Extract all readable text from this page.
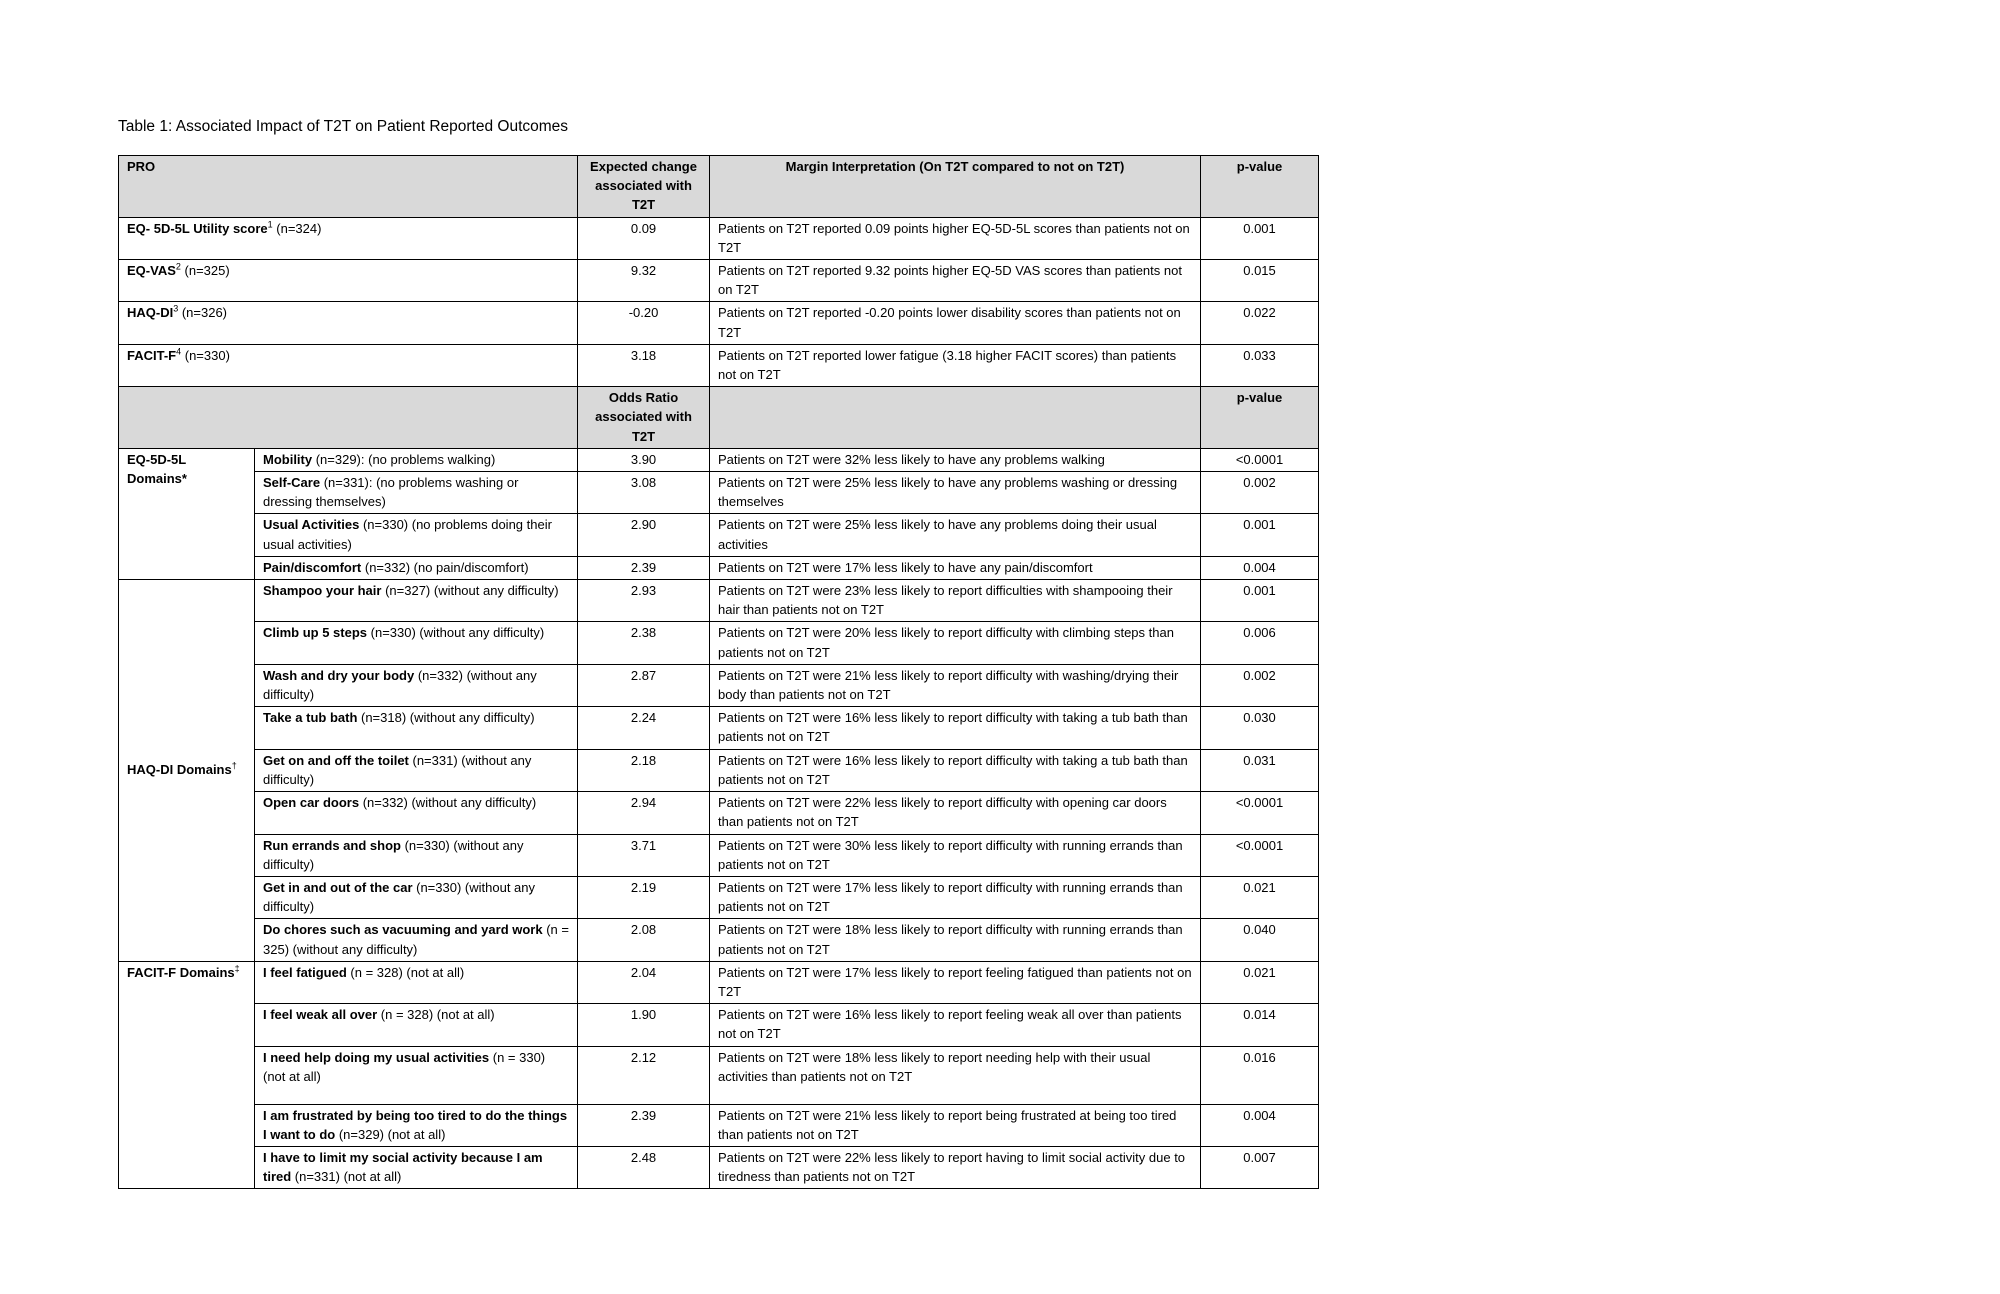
Table 1: Associated Impact of T2T on Patient Reported Outcomes
PRO		Expected change associated with T2T	Margin Interpretation (On T2T compared to not on T2T)	p-value
EQ- 5D-5L Utility score$^1$ (n=324)		0.09	Patients on T2T reported 0.09 points higher EQ-5D-5L scores than patients not on T2T	0.001
EQ-VAS$^2$ (n=325)		9.32	Patients on T2T reported 9.32 points higher EQ-5D VAS scores than patients not on T2T	0.015
HAQ-$DI^3$ (n=326)		-0.20	Patients on T2T reported -0.20 points lower disability scores than patients not on T2T	0.022
FACIT-$F^4$ (n=330)		3.18	Patients on T2T reported lower fatigue (3.18 higher FACIT scores) than patients not on T2T	0.033
		Odds Ratio associated with T2T		p-value
EQ-5D-5L Domains*	Mobility (n=329): (no problems walking)	3.90	Patients on T2T were 32% less likely to have any problems walking	<0.0001
	Self-Care (n=331): (no problems washing or dressing themselves)	3.08	Patients on T2T were 25% less likely to have any problems washing or dressing themselves	0.002
	Usual Activities (n=330) (no problems doing their usual activities)	2.90	Patients on T2T were 25% less likely to have any problems doing their usual activities	0.001
	Pain/discomfort (n=332) (no pain/discomfort)	2.39	Patients on T2T were 17% less likely to have any pain/discomfort	0.004
HAQ-DI Domains†	Shampoo your hair (n=327) (without any difficulty)	2.93	Patients on T2T were 23% less likely to report difficulties with shampooing their hair than patients not on T2T	0.001
	Climb up 5 steps (n=330) (without any difficulty)	2.38	Patients on T2T were 20% less likely to report difficulty with climbing steps than patients not on T2T	0.006
	Wash and dry your body (n=332) (without any difficulty)	2.87	Patients on T2T were 21% less likely to report difficulty with washing/drying their body than patients not on T2T	0.002
	Take a tub bath (n=318) (without any difficulty)	2.24	Patients on T2T were 16% less likely to report difficulty with taking a tub bath than patients not on T2T	0.030
	Get on and off the toilet (n=331) (without any difficulty)	2.18	Patients on T2T were 16% less likely to report difficulty with taking a tub bath than patients not on T2T	0.031
	Open car doors (n=332) (without any difficulty)	2.94	Patients on T2T were 22% less likely to report difficulty with opening car doors than patients not on T2T	<0.0001
	Run errands and shop (n=330) (without any difficulty)	3.71	Patients on T2T were 30% less likely to report difficulty with running errands than patients not on T2T	<0.0001
	Get in and out of the car (n=330) (without any difficulty)	2.19	Patients on T2T were 17% less likely to report difficulty with running errands than patients not on T2T	0.021
	Do chores such as vacuuming and yard work (n = 325) (without any difficulty)	2.08	Patients on T2T were 18% less likely to report difficulty with running errands than patients not on T2T	0.040
FACIT-F Domains‡	I feel fatigued (n = 328) (not at all)	2.04	Patients on T2T were 17% less likely to report feeling fatigued than patients not on T2T	0.021
	I feel weak all over (n = 328) (not at all)	1.90	Patients on T2T were 16% less likely to report feeling weak all over than patients not on T2T	0.014
	I need help doing my usual activities (n = 330) (not at all)	2.12	Patients on T2T were 18% less likely to report needing help with their usual activities than patients not on T2T	0.016
	I am frustrated by being too tired to do the things I want to do (n=329) (not at all)	2.39	Patients on T2T were 21% less likely to report being frustrated at being too tired than patients not on T2T	0.004
	I have to limit my social activity because I am tired (n=331) (not at all)	2.48	Patients on T2T were 22% less likely to report having to limit social activity due to tiredness than patients not on T2T	0.007
